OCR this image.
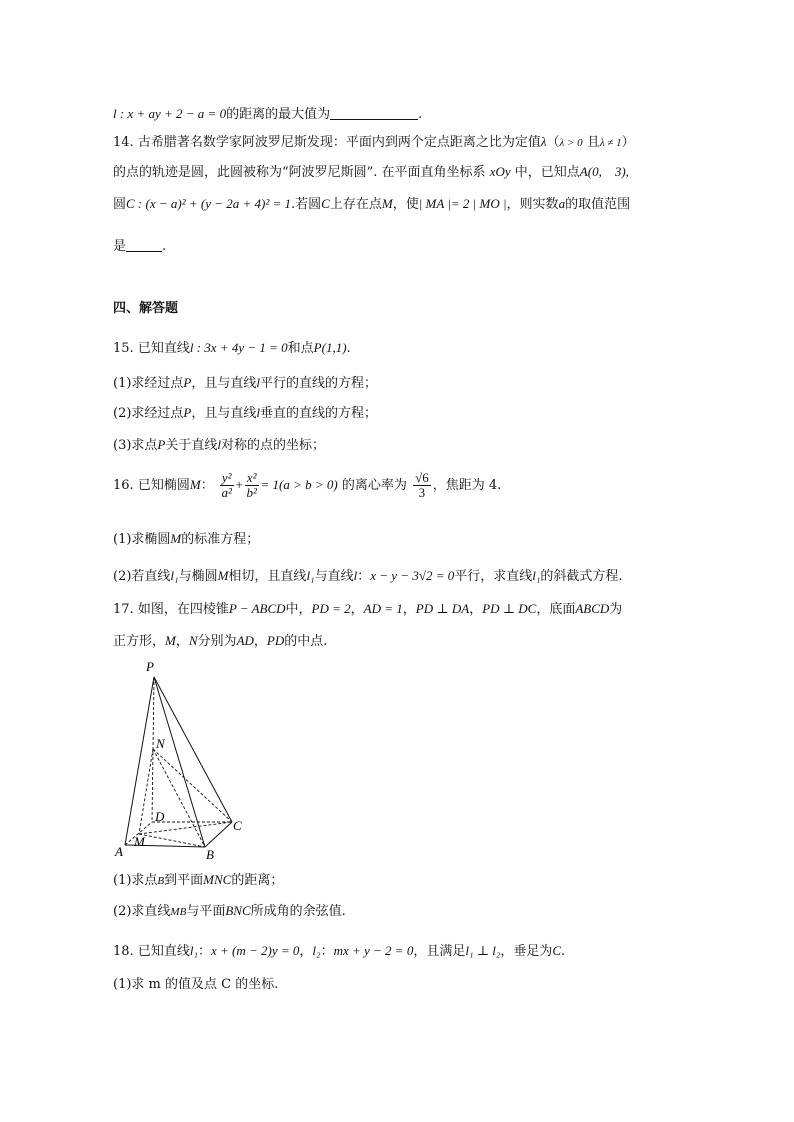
l : x + ay + 2 − a = 0的距离的最大值为	.
14. 古希腊著名数学家阿波罗尼斯发现：平面内到两个定点距离之比为定值λ（λ > 0 且λ ≠ 1）
的点的轨迹是圆，此圆被称为“阿波罗尼斯圆”. 在平面直角坐标系 xOy 中，已知点A(0,    3),
圆C : (x − a)² + (y − 2a + 4)² = 1.若圆C上存在点M，使| MA |= 2 | MO |，则实数a的取值范围
是	.
四、解答题
15. 已知直线l : 3x + 4y − 1 = 0和点P(1,1).
(1)求经过点P，且与直线l平行的直线的方程；
(2)求经过点P，且与直线l垂直的直线的方程；
(3)求点P关于直线l对称的点的坐标；
16. 已知椭圆M： $\frac{\text{y²}}{\text{a²}} + \frac{\text{x²}}{\text{b²}} = 1(a > b > 0)$ 的离心率为 $\frac{√6}{3}$ ，焦距为 4.
(1)求椭圆M的标准方程；
(2)若直线l₁与椭圆M相切，且直线l₁与直线l：x − y − 3√2 = 0平行，求直线l₁的斜截式方程.
17. 如图，在四棱锥P − ABCD中，PD = 2，AD = 1，PD ⊥ DA，PD ⊥ DC，底面ABCD为
正方形，M，N分别为AD，PD的中点.
P
N
D
C
A
M
B
(1)求点B到平面MNC的距离；
(2)求直线MB与平面BNC所成角的余弦值.
18. 已知直线l₁：x + (m − 2)y = 0，l₂：mx + y − 2 = 0，且满足l₁ ⊥ l₂，垂足为C.
(1)求 m 的值及点 C 的坐标.
